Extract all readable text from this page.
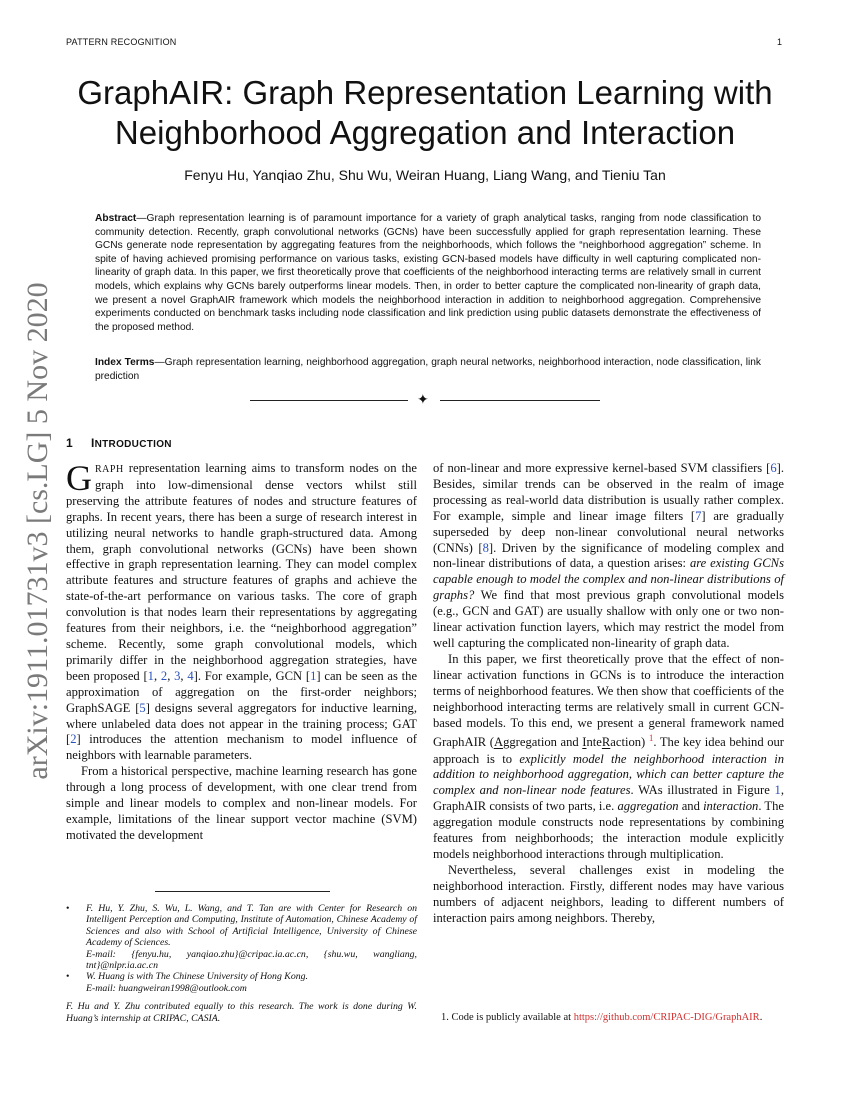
PATTERN RECOGNITION	1
arXiv:1911.01731v3 [cs.LG] 5 Nov 2020
GraphAIR: Graph Representation Learning with Neighborhood Aggregation and Interaction
Fenyu Hu, Yanqiao Zhu, Shu Wu, Weiran Huang, Liang Wang, and Tieniu Tan
Abstract—Graph representation learning is of paramount importance for a variety of graph analytical tasks, ranging from node classification to community detection. Recently, graph convolutional networks (GCNs) have been successfully applied for graph representation learning. These GCNs generate node representation by aggregating features from the neighborhoods, which follows the “neighborhood aggregation” scheme. In spite of having achieved promising performance on various tasks, existing GCN-based models have difficulty in well capturing complicated non-linearity of graph data. In this paper, we first theoretically prove that coefficients of the neighborhood interacting terms are relatively small in current models, which explains why GCNs barely outperforms linear models. Then, in order to better capture the complicated non-linearity of graph data, we present a novel GraphAIR framework which models the neighborhood interaction in addition to neighborhood aggregation. Comprehensive experiments conducted on benchmark tasks including node classification and link prediction using public datasets demonstrate the effectiveness of the proposed method.
Index Terms—Graph representation learning, neighborhood aggregation, graph neural networks, neighborhood interaction, node classification, link prediction
✦
1 INTRODUCTION

GRAPH representation learning aims to transform nodes on the graph into low-dimensional dense vectors whilst still preserving the attribute features of nodes and structure features of graphs. In recent years, there has been a surge of research interest in utilizing neural networks to handle graph-structured data. Among them, graph convolutional networks (GCNs) have been shown effective in graph representation learning. They can model complex attribute features and structure features of graphs and achieve the state-of-the-art performance on various tasks. The core of graph convolution is that nodes learn their representations by aggregating features from their neighbors, i.e. the “neighborhood aggregation” scheme. Recently, some graph convolutional models, which primarily differ in the neighborhood aggregation strategies, have been proposed [1, 2, 3, 4]. For example, GCN [1] can be seen as the approximation of aggregation on the first-order neighbors; GraphSAGE [5] designs several aggregators for inductive learning, where unlabeled data does not appear in the training process; GAT [2] introduces the attention mechanism to model influence of neighbors with learnable parameters.

From a historical perspective, machine learning research has gone through a long process of development, with one clear trend from simple and linear models to complex and non-linear models. For example, limitations of the linear support vector machine (SVM) motivated the development

of non-linear and more expressive kernel-based SVM classifiers [6]. Besides, similar trends can be observed in the realm of image processing as real-world data distribution is usually rather complex. For example, simple and linear image filters [7] are gradually superseded by deep non-linear convolutional neural networks (CNNs) [8]. Driven by the significance of modeling complex and non-linear distributions of data, a question arises: are existing GCNs capable enough to model the complex and non-linear distributions of graphs? We find that most previous graph convolutional models (e.g., GCN and GAT) are usually shallow with only one or two non-linear activation function layers, which may restrict the model from well capturing the complicated non-linearity of graph data.

In this paper, we first theoretically prove that the effect of non-linear activation functions in GCNs is to introduce the interaction terms of neighborhood features. We then show that coefficients of the neighborhood interacting terms are relatively small in current GCN-based models. To this end, we present a general framework named GraphAIR (Aggregation and InteRaction) $^1$. The key idea behind our approach is to explicitly model the neighborhood interaction in addition to neighborhood aggregation, which can better capture the complex and non-linear node features. WAs illustrated in Figure 1, GraphAIR consists of two parts, i.e. aggregation and interaction. The aggregation module constructs node representations by combining features from neighborhoods; the interaction module explicitly models neighborhood interactions through multiplication.

Nevertheless, several challenges exist in modeling the neighborhood interaction. Firstly, different nodes may have various numbers of adjacent neighbors, leading to different numbers of interaction pairs among neighbors. Thereby,

• F. Hu, Y. Zhu, S. Wu, L. Wang, and T. Tan are with Center for Research on Intelligent Perception and Computing, Institute of Automation, Chinese Academy of Sciences and also with School of Artificial Intelligence, University of Chinese Academy of Sciences.
E-mail: {fenyu.hu, yanqiao.zhu}@cripac.ia.ac.cn, {shu.wu, wangliang, tnt}@nlpr.ia.ac.cn
• W. Huang is with The Chinese University of Hong Kong.
E-mail: huangweiran1998@outlook.com
F. Hu and Y. Zhu contributed equally to this research. The work is done during W. Huang’s internship at CRIPAC, CASIA.	1. Code is publicly available at https://github.com/CRIPAC-DIG/GraphAIR.
